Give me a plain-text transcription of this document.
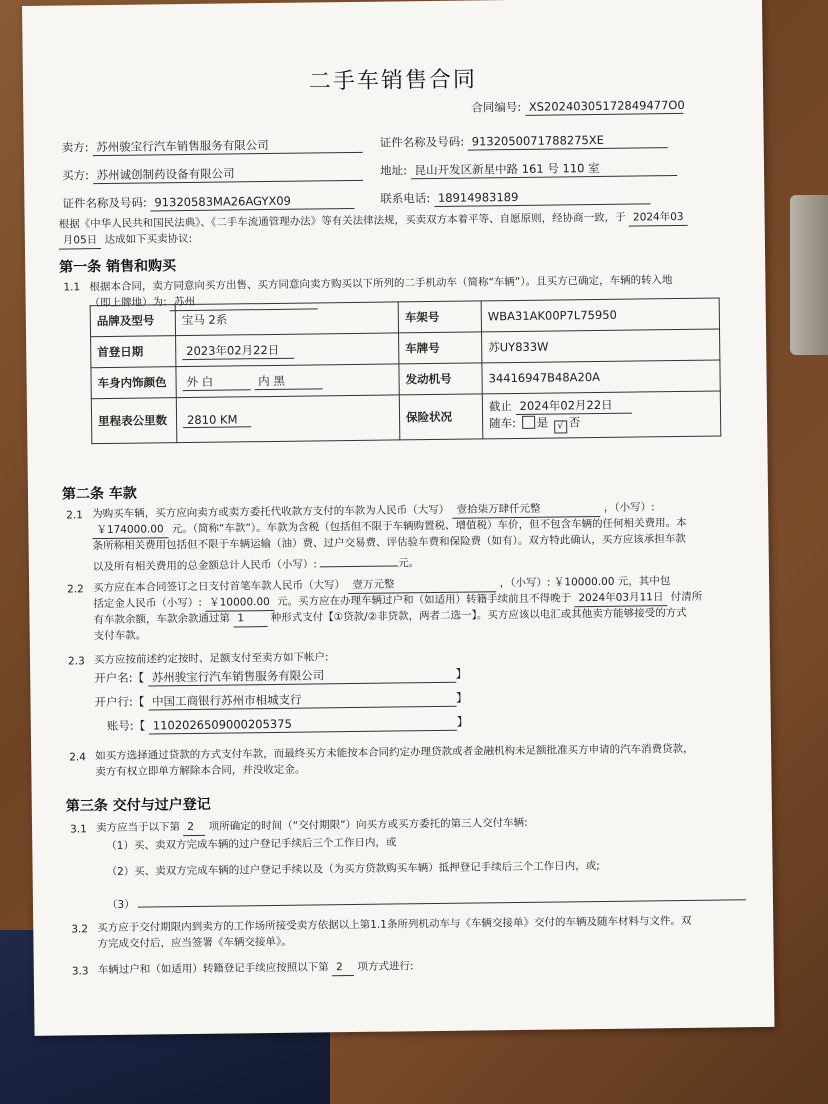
二手车销售合同
合同编号: XS20240305172849477O0
卖方: 苏州骏宝行汽车销售服务有限公司	证件名称及号码: 9132050071788275XE
买方: 苏州诚创制药设备有限公司	地址: 昆山开发区新星中路 161 号 110 室
证件名称及号码: 91320583MA26AGYX09	联系电话: 18914983189
根据《中华人民共和国民法典》、《二手车流通管理办法》等有关法律法规，买卖双方本着平等、自愿原则，经协商一致，于 2024年03
月05日 达成如下买卖协议:
第一条 销售和购买
1.1 根据本合同，卖方同意向买方出售、买方同意向卖方购买以下所列的二手机动车（简称“车辆”）。且买方已确定，车辆的转入地
（即上牌地）为: 苏州
品牌及型号	宝马 2系	车架号	WBA31AK00P7L75950
首登日期	2023年02月22日	车牌号	苏UY833W
车身内饰颜色	外 白 内 黑	发动机号	34416947B48A20A
里程表公里数	2810 KM	保险状况	截止 2024年02月22日
随车: 是 √ 否
第二条 车款
2.1 为购买车辆，买方应向卖方或卖方委托代收款方支付的车款为人民币（大写） 壹拾柒万肆仟元整	，（小写）:
￥174000.00 元。（简称“车款”）。车款为含税（包括但不限于车辆购置税、增值税）车价，但不包含车辆的任何相关费用。本
条所称相关费用包括但不限于车辆运输（油）费、过户交易费、评估验车费和保险费（如有）。双方特此确认，买方应该承担车款
以及所有相关费用的总金额总计人民币（小写）:	元。
2.2 买方应在本合同签订之日支付首笔车款人民币（大写） 壹万元整	，（小写）: ￥10000.00 元，其中包
括定金人民币（小写）: ￥10000.00 元。买方应在办理车辆过户和（如适用）转籍手续前且不得晚于 2024年03月11日 付清所
有车款余额，车款余款通过第 1	种形式支付【①贷款/②非贷款，两者二选一】。买方应该以电汇或其他卖方能够接受的方式
支付车款。
2.3 买方应按前述约定按时、足额支付至卖方如下帐户:
开户名:【 苏州骏宝行汽车销售服务有限公司	】
开户行:【 中国工商银行苏州市相城支行	】
账号:【 1102026509000205375	】
2.4 如买方选择通过贷款的方式支付车款，而最终买方未能按本合同约定办理贷款或者金融机构未足额批准买方申请的汽车消费贷款，
卖方有权立即单方解除本合同，并没收定金。
第三条 交付与过户登记
3.1 卖方应当于以下第 2 项所确定的时间（“交付期限”）向买方或买方委托的第三人交付车辆:
（1）买、卖双方完成车辆的过户登记手续后三个工作日内，或
（2）买、卖双方完成车辆的过户登记手续以及（为买方贷款购买车辆）抵押登记手续后三个工作日内，或;
（3）
3.2 买方应于交付期限内到卖方的工作场所接受卖方依据以上第1.1条所列机动车与《车辆交接单》交付的车辆及随车材料与文件。双
方完成交付后，应当签署《车辆交接单》。
3.3 车辆过户和（如适用）转籍登记手续应按照以下第 2 项方式进行:
